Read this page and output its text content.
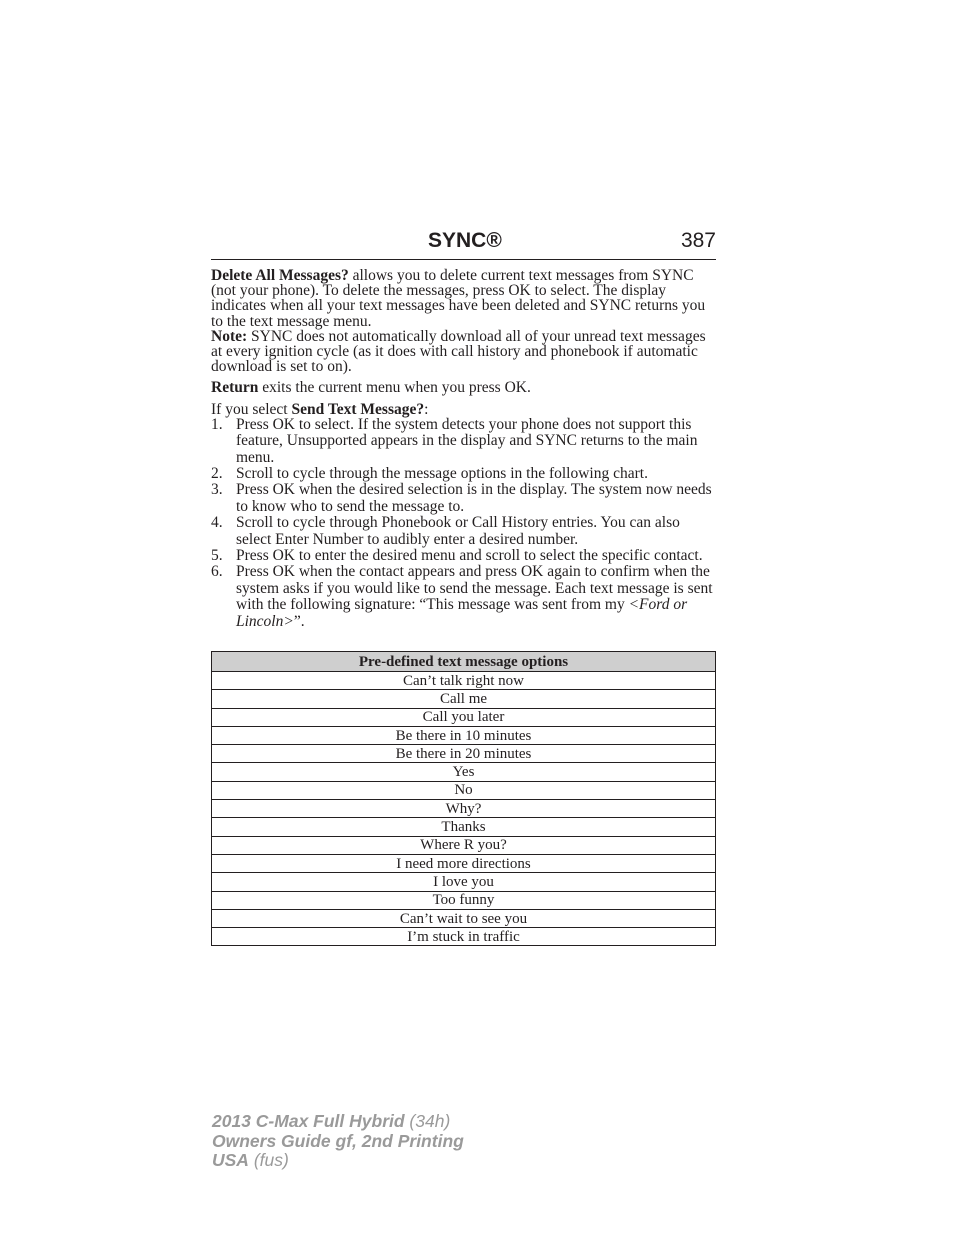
SYNC®	387

Delete All Messages? allows you to delete current text messages from SYNC (not your phone). To delete the messages, press OK to select. The display indicates when all your text messages have been deleted and SYNC returns you to the text message menu.

Note: SYNC does not automatically download all of your unread text messages at every ignition cycle (as it does with call history and phonebook if automatic download is set to on).

Return exits the current menu when you press OK.

If you select Send Text Message?:

1. Press OK to select. If the system detects your phone does not support this feature, Unsupported appears in the display and SYNC returns to the main menu.
2. Scroll to cycle through the message options in the following chart.
3. Press OK when the desired selection is in the display. The system now needs to know who to send the message to.
4. Scroll to cycle through Phonebook or Call History entries. You can also select Enter Number to audibly enter a desired number.
5. Press OK to enter the desired menu and scroll to select the specific contact.
6. Press OK when the contact appears and press OK again to confirm when the system asks if you would like to send the message. Each text message is sent with the following signature: “This message was sent from my <Ford or Lincoln>”.
Pre-defined text message options
Can’t talk right now
Call me
Call you later
Be there in 10 minutes
Be there in 20 minutes
Yes
No
Why?
Thanks
Where R you?
I need more directions
I love you
Too funny
Can’t wait to see you
I’m stuck in traffic
2013 C-Max Full Hybrid (34h)
Owners Guide gf, 2nd Printing
USA (fus)
